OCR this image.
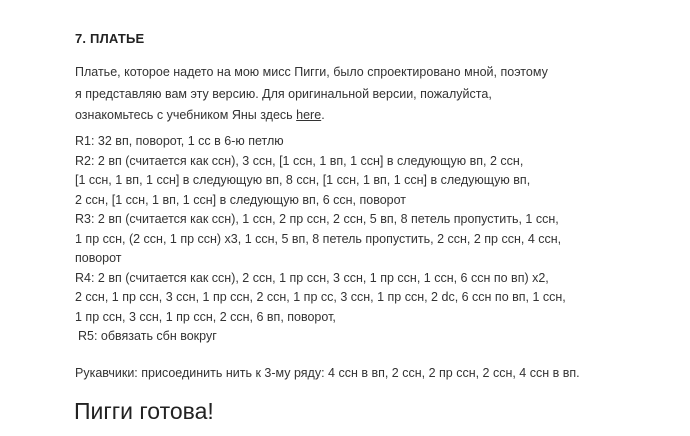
7. ПЛАТЬЕ

Платье, которое надето на мою мисс Пигги, было спроектировано мной, поэтому
я представляю вам эту версию. Для оригинальной версии, пожалуйста,
ознакомьтесь с учебником Яны здесь here.

R1: 32 вп, поворот, 1 сс в 6-ю петлю
R2: 2 вп (считается как ссн), 3 ссн, [1 ссн, 1 вп, 1 ссн] в следующую вп, 2 ссн,
[1 ссн, 1 вп, 1 ссн] в следующую вп, 8 ссн, [1 ссн, 1 вп, 1 ссн] в следующую вп,
2 ссн, [1 ссн, 1 вп, 1 ссн] в следующую вп, 6 ссн, поворот
R3: 2 вп (считается как ссн), 1 ссн, 2 пр ссн, 2 ссн, 5 вп, 8 петель пропустить, 1 ссн,
1 пр ссн, (2 ссн, 1 пр ссн) x3, 1 ссн, 5 вп, 8 петель пропустить, 2 ссн, 2 пр ссн, 4 ссн,
поворот
R4: 2 вп (считается как ссн), 2 ссн, 1 пр ссн, 3 ссн, 1 пр ссн, 1 ссн, 6 ссн по вп) x2,
2 ссн, 1 пр ссн, 3 ссн, 1 пр ссн, 2 ссн, 1 пр сс, 3 ссн, 1 пр ссн, 2 dc, 6 ссн по вп, 1 ссн,
1 пр ссн, 3 ссн, 1 пр ссн, 2 ссн, 6 вп, поворот,
R5: обвязать сбн вокруг
Рукавчики: присоединить нить к 3-му ряду: 4 ссн в вп, 2 ссн, 2 пр ссн, 2 ссн, 4 ссн в вп.
Пигги готова!
